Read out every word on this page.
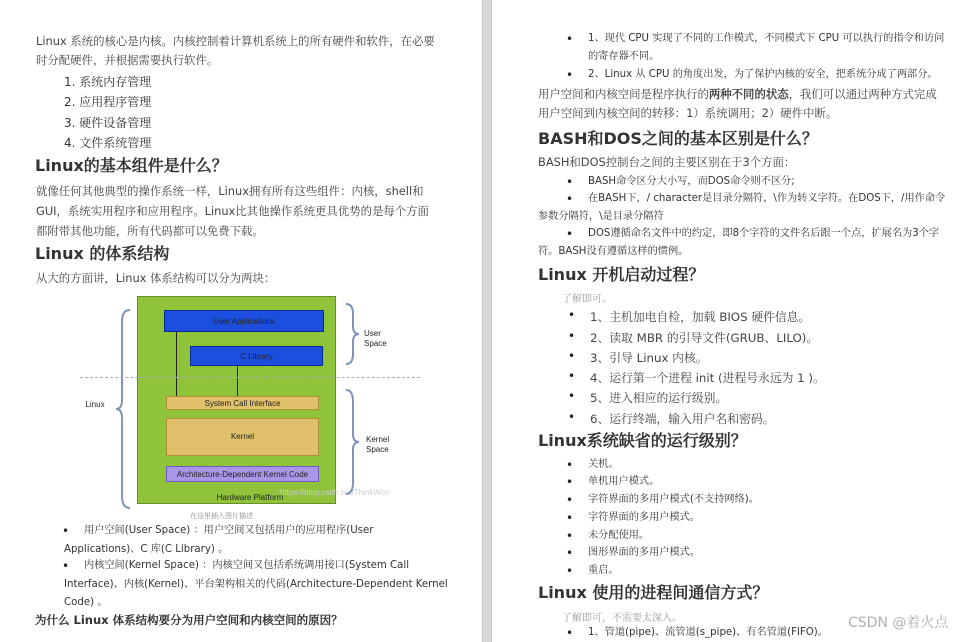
Linux 系统的核心是内核。内核控制着计算机系统上的所有硬件和软件，在必要

时分配硬件，并根据需要执行软件。

1. 系统内存管理

2. 应用程序管理

3. 硬件设备管理

4. 文件系统管理

Linux的基本组件是什么？

就像任何其他典型的操作系统一样，Linux拥有所有这些组件：内核，shell和

GUI，系统实用程序和应用程序。Linux比其他操作系统更具优势的是每个方面

都附带其他功能，所有代码都可以免费下载。

Linux 的体系结构

从大的方面讲，Linux 体系结构可以分为两块：

Linux
User Applications
C Library
System Call Interface
Kernel
Architecture-Dependent Kernel Code
Hardware Platform
https://blog.csdn.net/ThinkWon
User
Space
Kernel
Space
在这里插入图片描述

• 用户空间(User Space) ：用户空间又包括用户的应用程序(User

Applications)、C 库(C Library) 。

• 内核空间(Kernel Space) ：内核空间又包括系统调用接口(System Call

Interface)、内核(Kernel)、平台架构相关的代码(Architecture-Dependent Kernel

Code) 。

为什么 Linux 体系结构要分为用户空间和内核空间的原因？

• 1、现代 CPU 实现了不同的工作模式，不同模式下 CPU 可以执行的指令和访问

的寄存器不同。

• 2、Linux 从 CPU 的角度出发，为了保护内核的安全，把系统分成了两部分。

用户空间和内核空间是程序执行的两种不同的状态，我们可以通过两种方式完成

用户空间到内核空间的转移：1）系统调用；2）硬件中断。

BASH和DOS之间的基本区别是什么？

BASH和DOS控制台之间的主要区别在于3个方面：

• BASH命令区分大小写，而DOS命令则不区分;

• 在BASH下，/ character是目录分隔符，\作为转义字符。在DOS下，/用作命令

参数分隔符，\是目录分隔符

• DOS遵循命名文件中的约定，即8个字符的文件名后跟一个点，扩展名为3个字

符。BASH没有遵循这样的惯例。

Linux 开机启动过程？

了解即可。

• 1、主机加电自检，加载 BIOS 硬件信息。

• 2、读取 MBR 的引导文件(GRUB、LILO)。

• 3、引导 Linux 内核。

• 4、运行第一个进程 init (进程号永远为 1 )。

• 5、进入相应的运行级别。

• 6、运行终端，输入用户名和密码。

Linux系统缺省的运行级别？

• 关机。

• 单机用户模式。

• 字符界面的多用户模式(不支持网络)。

• 字符界面的多用户模式。

• 未分配使用。

• 图形界面的多用户模式。

• 重启。

Linux 使用的进程间通信方式？

了解即可，不需要太深入。

• 1、管道(pipe)、流管道(s_pipe)、有名管道(FIFO)。

CSDN @着火点
